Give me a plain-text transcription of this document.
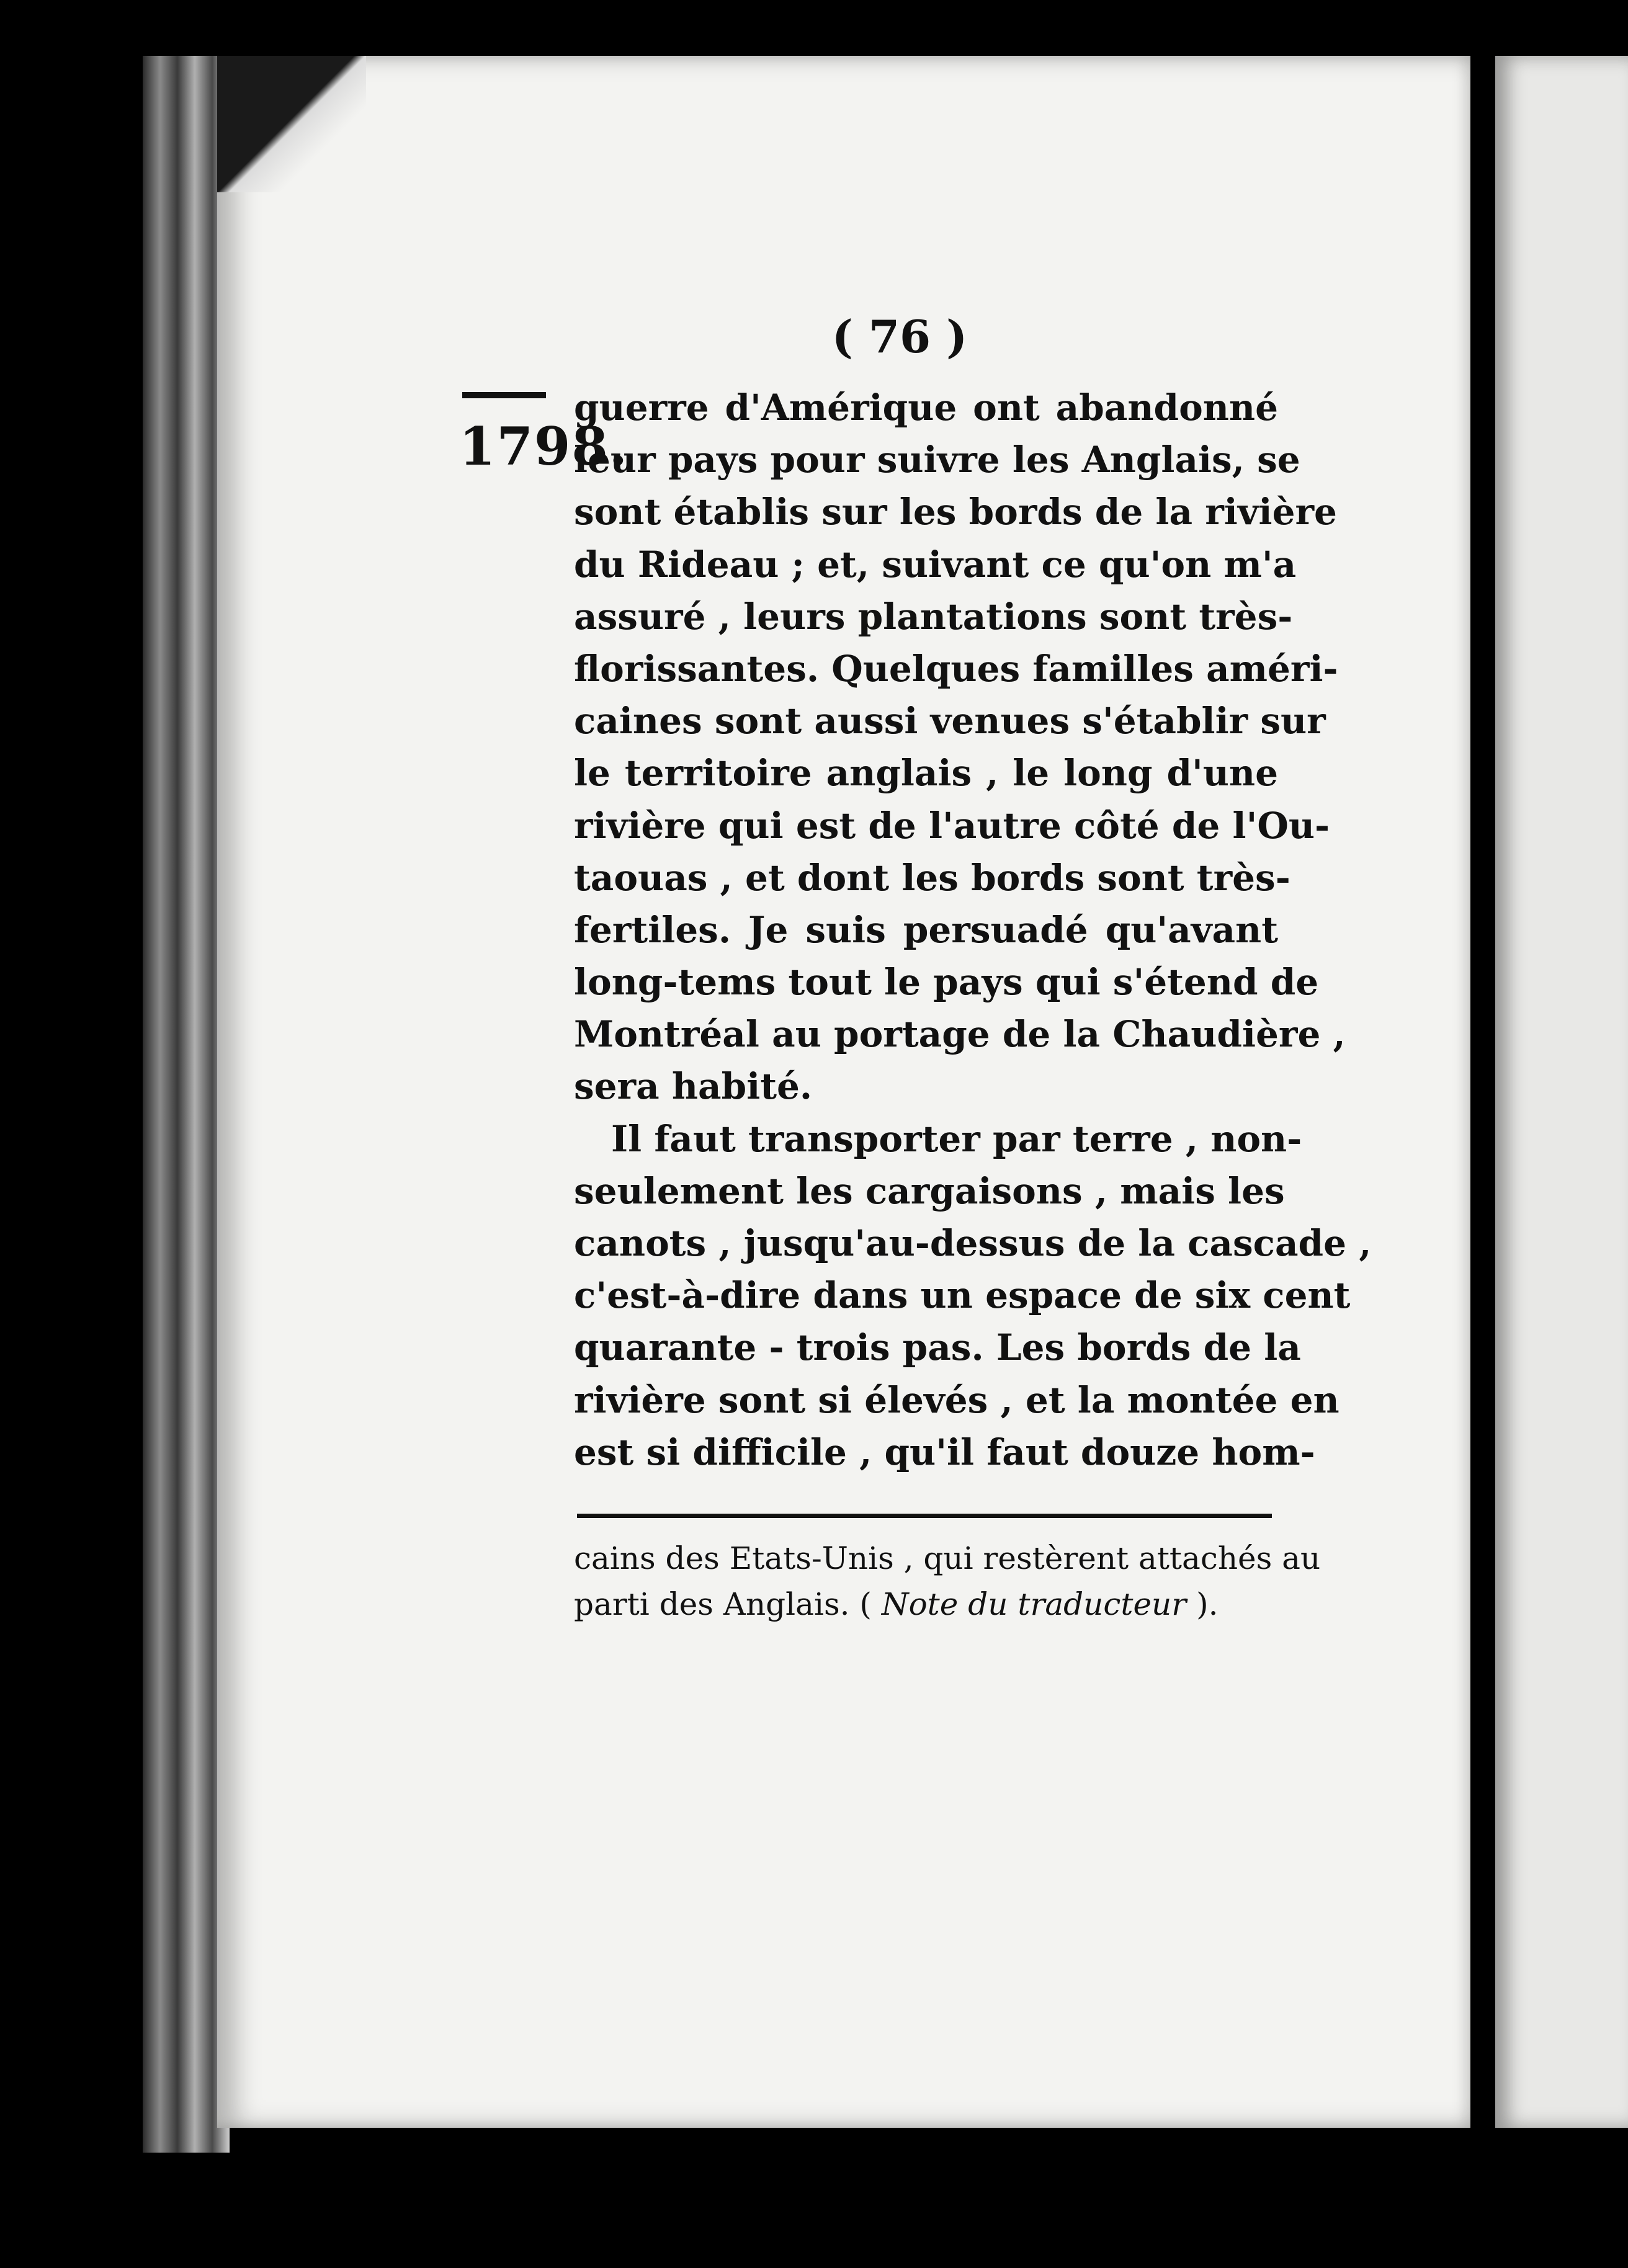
( 76 )
1798.
guerre d'Amérique ont abandonné
leur pays pour suivre les Anglais, se
sont établis sur les bords de la rivière
du Rideau ; et, suivant ce qu'on m'a
assuré , leurs plantations sont très-
florissantes. Quelques familles améri-
caines sont aussi venues s'établir sur
le territoire anglais , le long d'une
rivière qui est de l'autre côté de l'Ou-
taouas , et dont les bords sont très-
fertiles. Je suis persuadé qu'avant
long-tems tout le pays qui s'étend de
Montréal au portage de la Chaudière ,
sera habité.
Il faut transporter par terre , non-
seulement les cargaisons , mais les
canots , jusqu'au-dessus de la cascade ,
c'est-à-dire dans un espace de six cent
quarante - trois pas. Les bords de la
rivière sont si élevés , et la montée en
est si difficile , qu'il faut douze hom-
cains des Etats-Unis , qui restèrent attachés au
parti des Anglais. ( Note du traducteur ).
